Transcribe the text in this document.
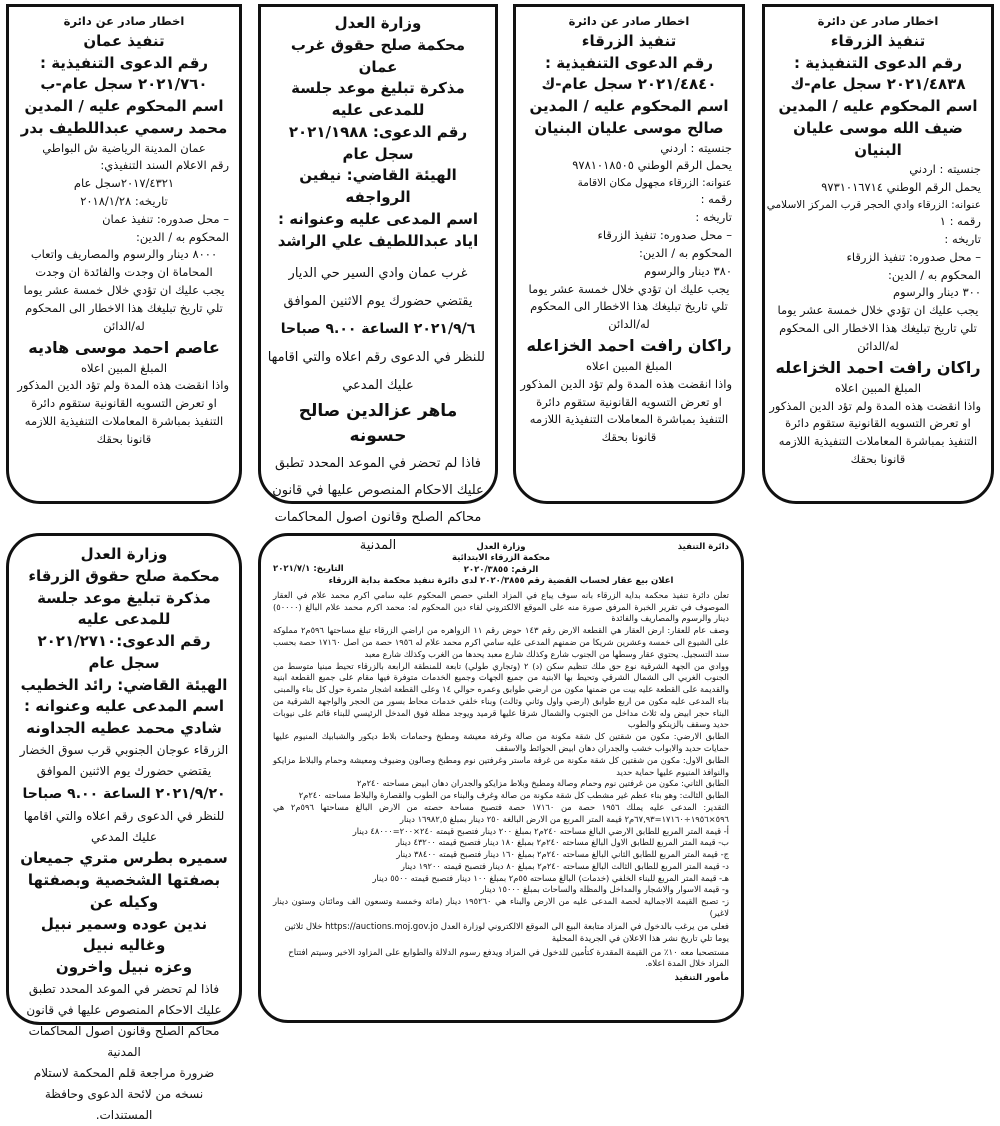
اخطار صادر عن دائرة
تنفيذ الزرقاء
رقم الدعوى التنفيذية :
٢٠٢١/٤٨٣٨ سجل عام-ك
اسم المحكوم عليه / المدين
ضيف الله موسى عليان البنيان
جنسيته : اردني
يحمل الرقم الوطني ٩٧٣١٠١٦٧١٤
عنوانه: الزرقاء وادي الحجر قرب المركز الاسلامي
رقمه : ١
تاريخه :
– محل صدوره: تنفيذ الزرقاء
المحكوم به / الدين:
٣٠٠ دينار والرسوم
يجب عليك ان تؤدي خلال خمسة عشر يوما
تلي تاريخ تبليغك هذا الاخطار الى المحكوم
له/الدائن
راكان رافت احمد الخزاعله
المبلغ المبين اعلاه
واذا انقضت هذه المدة ولم تؤد الدين المذكور
او تعرض التسويه القانونية ستقوم دائرة
التنفيذ بمباشرة المعاملات التنفيذية اللازمه
قانونا بحقك
اخطار صادر عن دائرة
تنفيذ الزرقاء
رقم الدعوى التنفيذية :
٢٠٢١/٤٨٤٠ سجل عام-ك
اسم المحكوم عليه / المدين
صالح موسى عليان البنيان
جنسيته : اردني
يحمل الرقم الوطني ٩٧٨١٠١٨٥٠٥
عنوانه: الزرقاء مجهول مكان الاقامة
رقمه :
تاريخه :
– محل صدوره: تنفيذ الزرقاء
المحكوم به / الدين:
٣٨٠ دينار والرسوم
يجب عليك ان تؤدي خلال خمسة عشر يوما
تلي تاريخ تبليغك هذا الاخطار الى المحكوم
له/الدائن
راكان رافت احمد الخزاعله
المبلغ المبين اعلاه
واذا انقضت هذه المدة ولم تؤد الدين المذكور
او تعرض التسويه القانونية ستقوم دائرة
التنفيذ بمباشرة المعاملات التنفيذية اللازمه
قانونا بحقك
وزارة العدل
محكمة صلح حقوق غرب عمان
مذكرة تبليغ موعد جلسة للمدعى عليه
رقم الدعوى: ٢٠٢١/١٩٨٨ سجل عام
الهيئة القاضي: نيفين الرواجفه
اسم المدعى عليه وعنوانه :
اياد عبداللطيف علي الراشد
غرب عمان وادي السير حي الديار
يقتضي حضورك يوم الاثنين الموافق
٢٠٢١/٩/٦ الساعة ٩.٠٠ صباحا
للنظر في الدعوى رقم اعلاه والتي اقامها
عليك المدعي
ماهر عزالدين صالح حسونه
فاذا لم تحضر في الموعد المحدد تطبق
عليك الاحكام المنصوص عليها في قانون
محاكم الصلح وقانون اصول المحاكمات
المدنية
اخطار صادر عن دائرة
تنفيذ عمان
رقم الدعوى التنفيذية :
٢٠٢١/٧٦٠ سجل عام-ب
اسم المحكوم عليه / المدين
محمد رسمي عبداللطيف بدر
عمان المدينة الرياضية ش البواطي
رقم الاعلام السند التنفيذي:
٢٠١٧/٤٣٢١سجل عام
تاريخه: ٢٠١٨/١/٢٨
– محل صدوره: تنفيذ عمان
المحكوم به / الدين:
٨٠٠٠ دينار والرسوم والمصاريف واتعاب
المحاماة ان وجدت والفائدة ان وجدت
يجب عليك ان تؤدي خلال خمسة عشر يوما
تلي تاريخ تبليغك هذا الاخطار الى المحكوم
له/الدائن
عاصم احمد موسى هاديه
المبلغ المبين اعلاه
واذا انقضت هذه المدة ولم تؤد الدين المذكور
او تعرض التسويه القانونية ستقوم دائرة
التنفيذ بمباشرة المعاملات التنفيذية اللازمه
قانونا بحقك
وزارة العدل
محكمة صلح حقوق الزرقاء
مذكرة تبليغ موعد جلسة للمدعى عليه
رقم الدعوى:٢٠٢١/٢٧١٠ سجل عام
الهيئة القاضي: رائد الخطيب
اسم المدعى عليه وعنوانه :
شادي محمد عطيه الجداونه
الزرقاء عوجان الجنوبي قرب سوق الخضار
يقتضي حضورك يوم الاثنين الموافق
٢٠٢١/٩/٢٠ الساعة ٩.٠٠ صباحا
للنظر في الدعوى رقم اعلاه والتي اقامها
عليك المدعي
سميره بطرس متري جميعان
بصفتها الشخصية وبصفتها وكيله عن
ندين عوده وسمير نبيل وغاليه نبيل
وعزه نبيل واخرون
فاذا لم تحضر في الموعد المحدد تطبق
عليك الاحكام المنصوص عليها في قانون
محاكم الصلح وقانون اصول المحاكمات
المدنية
ضرورة مراجعة قلم المحكمة لاستلام
نسخه من لائحة الدعوى وحافظة
المستندات.
دائرة التنفيذ
وزارة العدل
محكمة الزرقاء الابتدائية
الرقم: ٢٠٢٠/٣٨٥٥
التاريخ: ٢٠٢١/٧/١
اعلان بيع عقار لحساب القضية رقم ٢٠٢٠/٣٨٥٥ لدى دائرة تنفيذ محكمة بداية الزرقاء
تعلن دائرة تنفيذ محكمة بداية الزرقاء بانه سوف يباع في المزاد العلني حصص المحكوم عليه سامي اكرم محمد علام في العقار الموصوف في تقرير الخبرة المرفق صورة منه على الموقع الالكتروني لقاء دين المحكوم له: محمد اكرم محمد علام البالغ (٥٠٠٠٠) دينار والرسوم والمصاريف والفائدة
وصف عام للعقار: ارض العقار هي القطعة الارض رقم ١٤٣ حوض رقم ١١ الزواهره من اراضي الزرقاء تبلغ مساحتها ٥٩٦م٢ مملوكة على الشيوع الى خمسة وعشرين شريكا من ضمنهم المدعى عليه سامي اكرم محمد علام له ١٩٥٦ حصة من اصل ١٧١٦٠ حصة بحسب سند التسجيل. يحتوي عقار وسطها من الجنوب شارع وكذلك شارع معبد يحدها من الغرب وكذلك شارع معبد
ووادي من الجهة الشرقية نوع حق ملك تنظيم سكن (د) ٢ (وتجاري طولي) تابعة للمنطقة الرابعة بالزرقاء تحيط مبنيا متوسط من الجنوب الغربي الى الشمال الشرقي وتحيط بها الابنية من جميع الجهات وجميع الخدمات متوفرة فيها مقام على جميع القطعة ابنية والقديمة على القطعة عليه بيت من ضمنها مكون من ارضي طوابق وعمره حوالي ١٤ وعلى القطعة اشجار مثمرة حول كل بناء والمبنى
بناء المدعى عليه مكون من اربع طوابق (ارضي واول وثاني وثالث) وبناء خلفي خدمات محاط بسور من الحجر والواجهة الشرقية من البناء حجر ابيض وله ثلاث مداخل من الجنوب والشمال شرقا عليها قرميد ويوجد مظلة فوق المدخل الرئيسي للبناء قائم على نيوبات حديد وسقف بالزينكو والطوب
الطابق الارضي: مكون من شقتين كل شقة مكونة من صالة وغرفة معيشة ومطبخ وحمامات بلاط ديكور والشبابيك المنيوم عليها حمايات حديد والابواب خشب والجدران دهان ابيض الحوائط والاسقف
الطابق الاول: مكون من شقتين كل شقة مكونة من غرفة ماستر وغرفتين نوم ومطبخ وصالون وضيوف ومعيشة وحمام والبلاط مزايكو والنوافذ المنيوم عليها حماية حديد
الطابق الثاني: مكون من غرفتين نوم وحمام وصالة ومطبخ وبلاط مزايكو والجدران دهان ابيض مساحته ٢٤٠م٢
الطابق الثالث: وهو بناء عظم غير مشطب كل شقة مكونة من صالة وغرف والبناء من الطوب والقصارة والبلاط مساحته ٢٤٠م٢
التقدير: المدعى عليه يملك ١٩٥٦ حصة من ١٧١٦٠ حصة فتصبح مساحة حصته من الارض البالغ مساحتها ٥٩٦م٢ هي ٥٩٦×١٩٥٦÷١٧١٦٠=٦٧,٩٣م٢ قيمة المتر المربع من الارض البالغة ٢٥٠ دينار بمبلغ ١٦٩٨٢,٥ دينار
أ- قيمة المتر المربع للطابق الارضي البالغ مساحته ٢٤٠م٢ بمبلغ ٢٠٠ دينار فتصبح قيمته ٢٤٠×٢٠٠=٤٨٠٠٠ دينار
ب- قيمة المتر المربع للطابق الاول البالغ مساحته ٢٤٠م٢ بمبلغ ١٨٠ دينار فتصبح قيمته ٤٣٢٠٠ دينار
ج- قيمة المتر المربع للطابق الثاني البالغ مساحته ٢٤٠م٢ بمبلغ ١٦٠ دينار فتصبح قيمته ٣٨٤٠٠ دينار
د- قيمة المتر المربع للطابق الثالث البالغ مساحته ٢٤٠م٢ بمبلغ ٨٠ دينار فتصبح قيمته ١٩٢٠٠ دينار
هـ- قيمة المتر المربع للبناء الخلفي (خدمات) البالغ مساحته ٥٥م٢ بمبلغ ١٠٠ دينار فتصبح قيمته ٥٥٠٠ دينار
و- قيمة الاسوار والاشجار والمداخل والمظلة والساحات بمبلغ ١٥٠٠٠ دينار
ز- تصبح القيمة الاجمالية لحصة المدعى عليه من الارض والبناء هي ١٩٥٢٦٠ دينار (مائة وخمسة وتسعون الف ومائتان وستون دينار لاغير)
فعلى من يرغب بالدخول في المزاد متابعة البيع الى الموقع الالكتروني لوزارة العدل https://auctions.moj.gov.jo خلال ثلاثين يوما تلي تاريخ نشر هذا الاعلان في الجريدة المحلية
مستصحبا معه ١٠٪ من القيمة المقدرة كتأمين للدخول في المزاد ويدفع رسوم الدلالة والطوابع على المزاود الاخير وسيتم افتتاح المزاد خلال المدة اعلاه.
مأمور التنفيذ
